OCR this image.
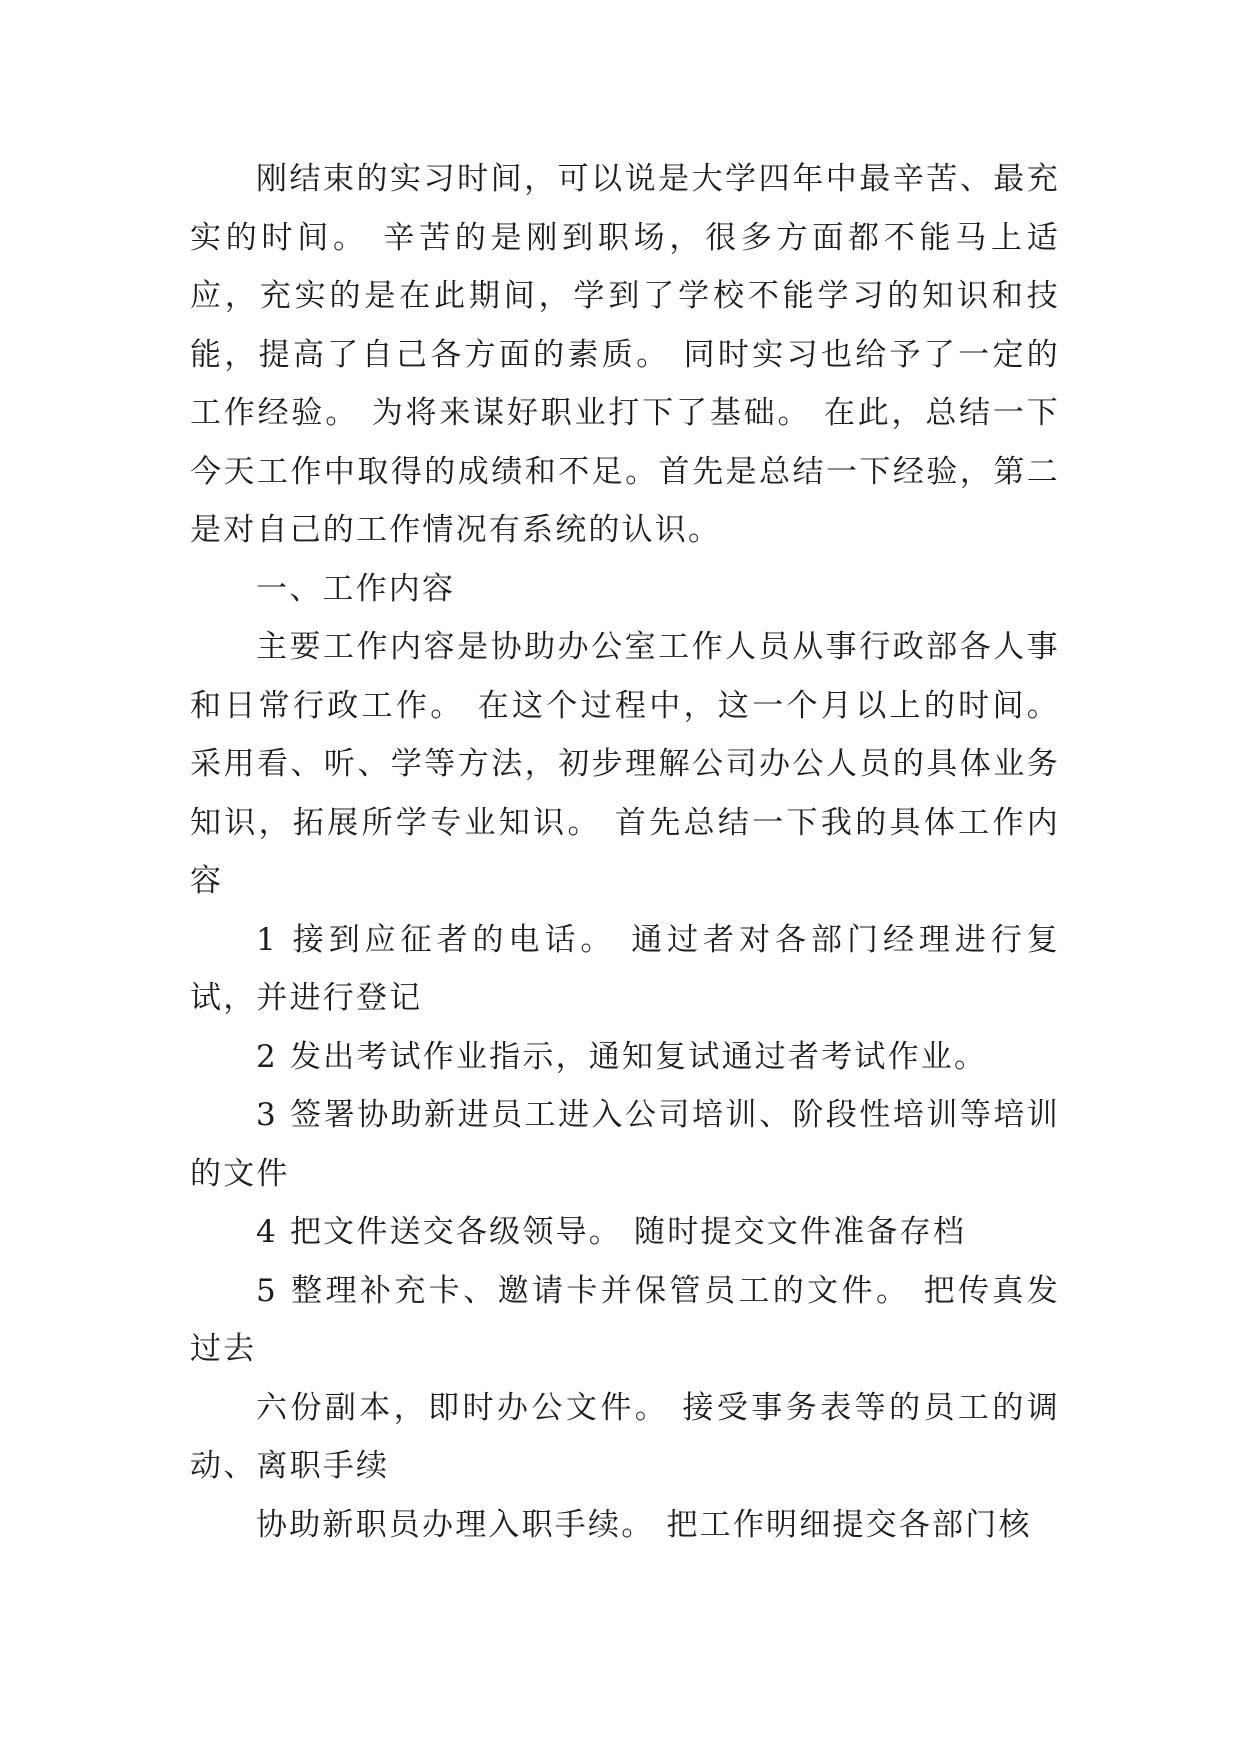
刚结束的实习时间，可以说是大学四年中最辛苦、最充实的时间。 辛苦的是刚到职场，很多方面都不能马上适应，充实的是在此期间，学到了学校不能学习的知识和技能，提高了自己各方面的素质。 同时实习也给予了一定的工作经验。 为将来谋好职业打下了基础。 在此，总结一下今天工作中取得的成绩和不足。首先是总结一下经验，第二是对自己的工作情况有系统的认识。

一、工作内容

主要工作内容是协助办公室工作人员从事行政部各人事和日常行政工作。 在这个过程中，这一个月以上的时间。采用看、听、学等方法，初步理解公司办公人员的具体业务知识，拓展所学专业知识。 首先总结一下我的具体工作内容

1 接到应征者的电话。 通过者对各部门经理进行复试，并进行登记

2 发出考试作业指示，通知复试通过者考试作业。

3 签署协助新进员工进入公司培训、阶段性培训等培训的文件

4 把文件送交各级领导。 随时提交文件准备存档

5 整理补充卡、邀请卡并保管员工的文件。 把传真发过去

六份副本，即时办公文件。 接受事务表等的员工的调动、离职手续

协助新职员办理入职手续。 把工作明细提交各部门核
